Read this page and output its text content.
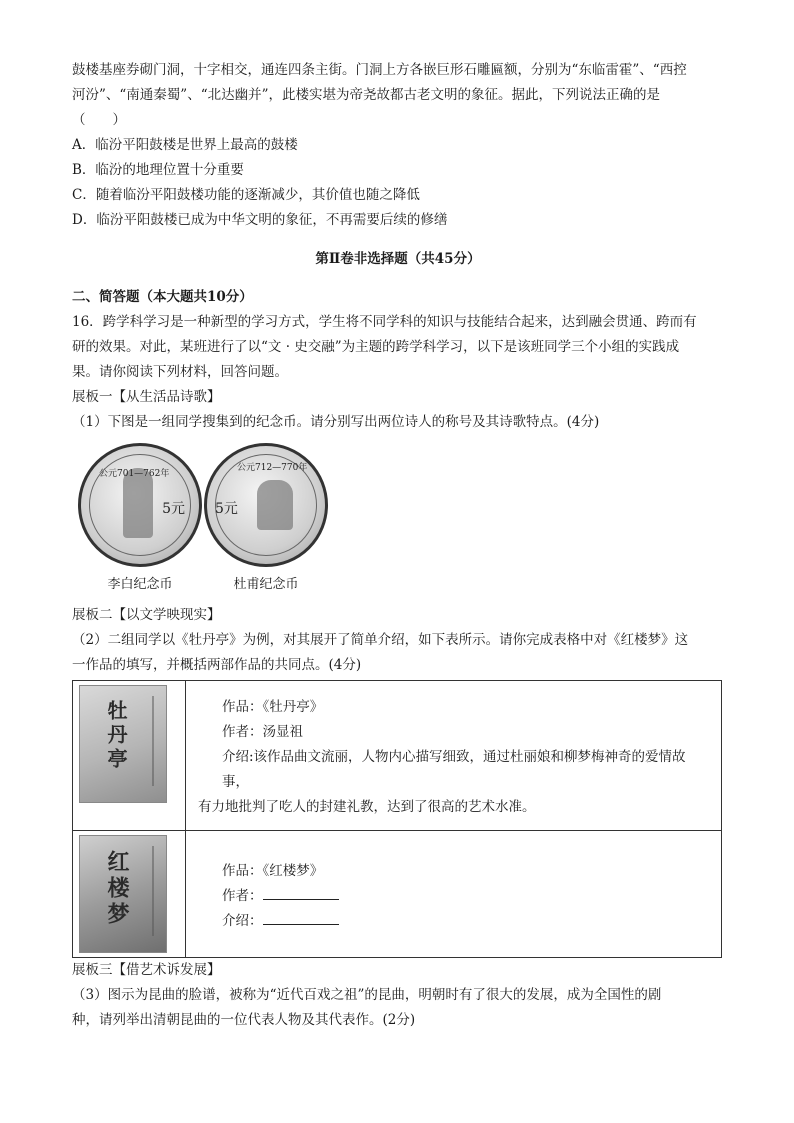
鼓楼基座券砌门洞，十字相交，通连四条主街。门洞上方各嵌巨形石雕匾额，分别为“东临雷霍”、“西控

河汾”、“南通秦蜀”、“北达幽并”，此楼实堪为帝尧故都古老文明的象征。据此，下列说法正确的是

（　　）

A．临汾平阳鼓楼是世界上最高的鼓楼

B．临汾的地理位置十分重要

C．随着临汾平阳鼓楼功能的逐渐减少，其价值也随之降低

D．临汾平阳鼓楼已成为中华文明的象征，不再需要后续的修缮

第Ⅱ卷非选择题（共45分）

二、简答题（本大题共10分）

16．跨学科学习是一种新型的学习方式，学生将不同学科的知识与技能结合起来，达到融会贯通、跨而有

研的效果。对此，某班进行了以“文 · 史交融”为主题的跨学科学习，以下是该班同学三个小组的实践成

果。请你阅读下列材料，回答问题。

展板一【从生活品诗歌】

（1）下图是一组同学搜集到的纪念币。请分别写出两位诗人的称号及其诗歌特点。(4分)

公元701—762年
5元
李白纪念币
公元712—770年
5元
杜甫纪念币

展板二【以文学映现实】

（2）二组同学以《牡丹亭》为例，对其展开了简单介绍，如下表所示。请你完成表格中对《红楼梦》这

一作品的填写，并概括两部作品的共同点。(4分)

牡丹亭	作品：《牡丹亭》
作者：汤显祖
介绍:该作品曲文流丽，人物内心描写细致，通过杜丽娘和柳梦梅神奇的爱情故事，
有力地批判了吃人的封建礼教，达到了很高的艺术水准。

红楼梦	作品：《红楼梦》
作者：
介绍：

展板三【借艺术诉发展】

（3）图示为昆曲的脸谱，被称为“近代百戏之祖”的昆曲，明朝时有了很大的发展，成为全国性的剧

种，请列举出清朝昆曲的一位代表人物及其代表作。(2分)
